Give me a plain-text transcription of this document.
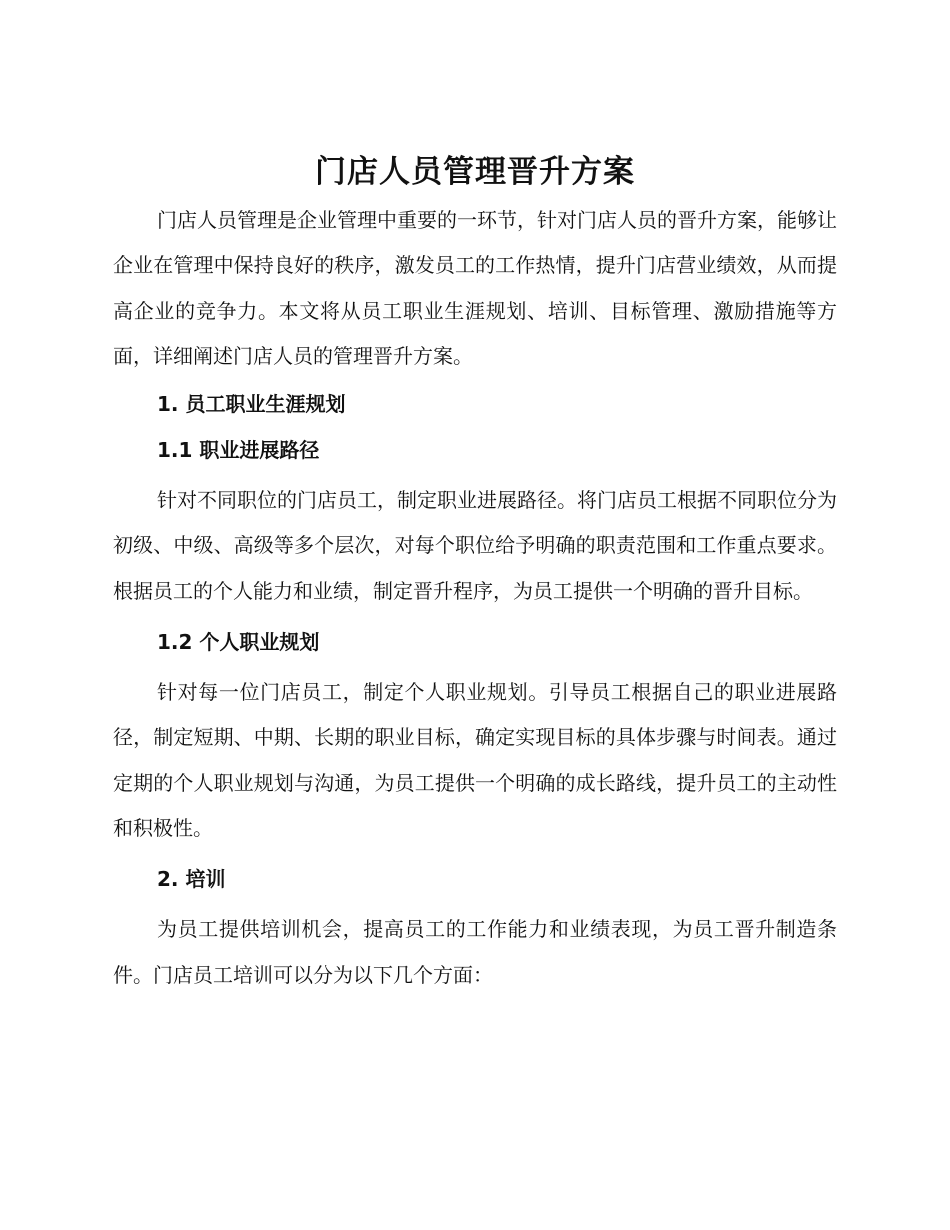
门店人员管理晋升方案

门店人员管理是企业管理中重要的一环节，针对门店人员的晋升方案，能够让企业在管理中保持良好的秩序，激发员工的工作热情，提升门店营业绩效，从而提高企业的竞争力。本文将从员工职业生涯规划、培训、目标管理、激励措施等方面，详细阐述门店人员的管理晋升方案。

1. 员工职业生涯规划
1.1 职业进展路径

针对不同职位的门店员工，制定职业进展路径。将门店员工根据不同职位分为初级、中级、高级等多个层次，对每个职位给予明确的职责范围和工作重点要求。根据员工的个人能力和业绩，制定晋升程序，为员工提供一个明确的晋升目标。

1.2 个人职业规划

针对每一位门店员工，制定个人职业规划。引导员工根据自己的职业进展路径，制定短期、中期、长期的职业目标，确定实现目标的具体步骤与时间表。通过定期的个人职业规划与沟通，为员工提供一个明确的成长路线，提升员工的主动性和积极性。

2. 培训

为员工提供培训机会，提高员工的工作能力和业绩表现，为员工晋升制造条件。门店员工培训可以分为以下几个方面：
